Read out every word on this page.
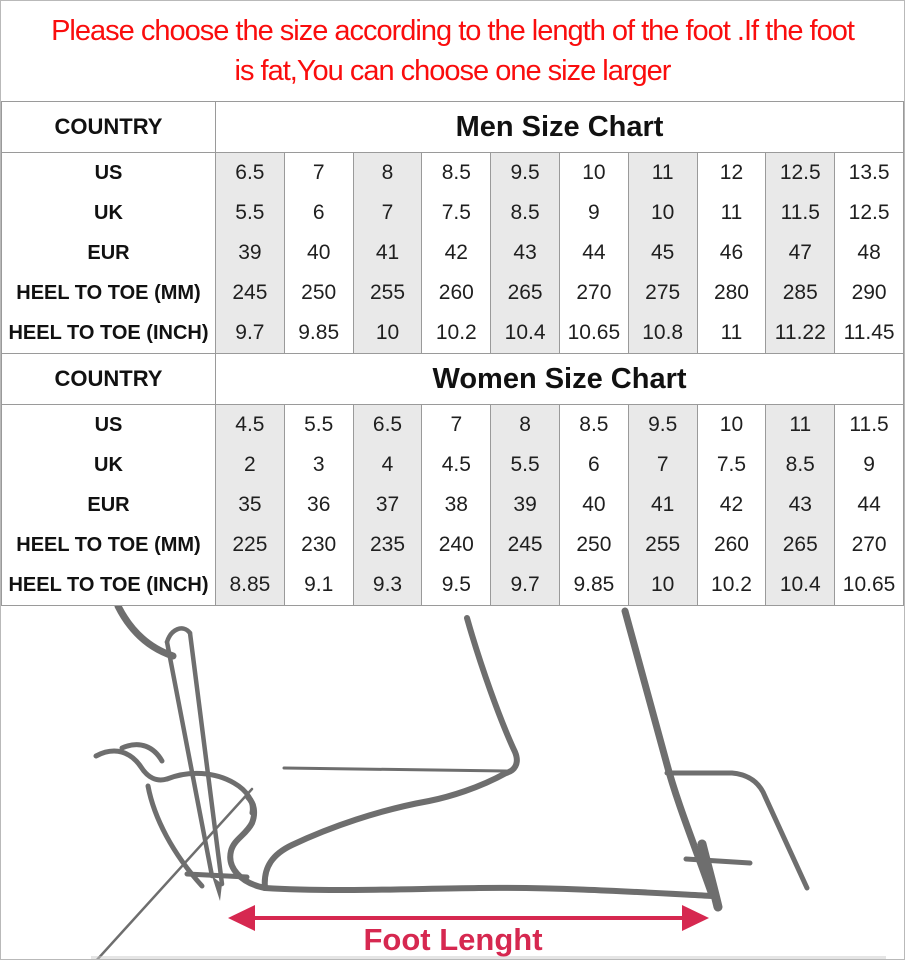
Please choose the size according to the length of the foot .If the foot
is fat,You can choose one size larger
COUNTRY	Men Size Chart									
US	6.5	7	8	8.5	9.5	10	11	12	12.5	13.5
UK	5.5	6	7	7.5	8.5	9	10	11	11.5	12.5
EUR	39	40	41	42	43	44	45	46	47	48
HEEL TO TOE (MM)	245	250	255	260	265	270	275	280	285	290
HEEL TO TOE (INCH)	9.7	9.85	10	10.2	10.4	10.65	10.8	11	11.22	11.45
COUNTRY	Women Size Chart									
US	4.5	5.5	6.5	7	8	8.5	9.5	10	11	11.5
UK	2	3	4	4.5	5.5	6	7	7.5	8.5	9
EUR	35	36	37	38	39	40	41	42	43	44
HEEL TO TOE (MM)	225	230	235	240	245	250	255	260	265	270
HEEL TO TOE (INCH)	8.85	9.1	9.3	9.5	9.7	9.85	10	10.2	10.4	10.65
Foot Lenght
